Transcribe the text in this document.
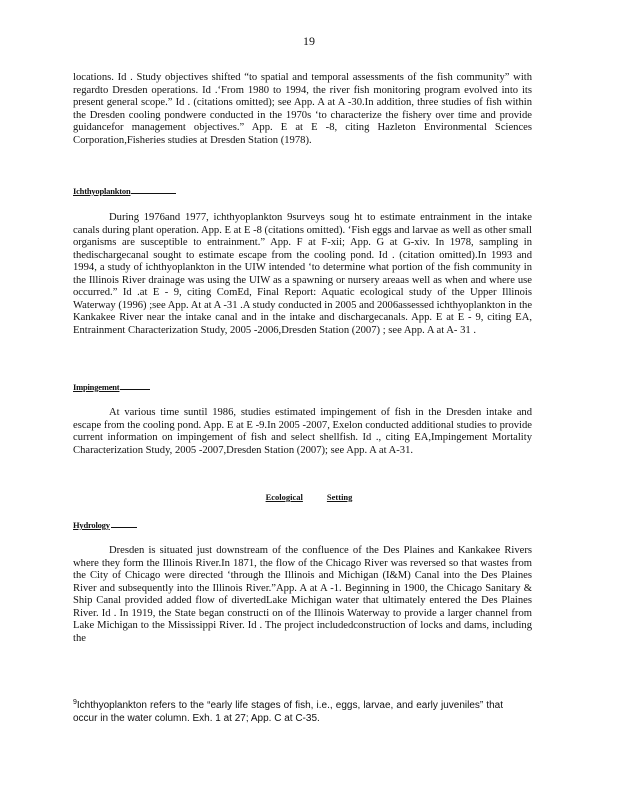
19

locations. Id . Study objectives shifted “to spatial and temporal assessments of the fish community” with regardto Dresden operations. Id .‘From 1980 to 1994, the river fish monitoring program evolved into its present general scope.” Id . (citations omitted); see App. A at A -30.In addition, three studies of fish within the Dresden cooling pondwere conducted in the 1970s ‘to characterize the fishery over time and provide guidancefor management objectives.” App. E at E -8, citing Hazleton Environmental Sciences Corporation,Fisheries studies at Dresden Station (1978).

Ichthyoplankton

During 1976and 1977, ichthyoplankton 9surveys soug ht to estimate entrainment in the intake canals during plant operation. App. E at E -8 (citations omitted). ‘Fish eggs and larvae as well as other small organisms are susceptible to entrainment.” App. F at F-xii; App. G at G-xiv. In 1978, sampling in thedischargecanal sought to estimate escape from the cooling pond. Id . (citation omitted).In 1993 and 1994, a study of ichthyoplankton in the UIW intended ‘to determine what portion of the fish community in the Illinois River drainage was using the UIW as a spawning or nursery areaas well as when and where use occurred.” Id .at E - 9, citing ComEd, Final Report: Aquatic ecological study of the Upper Illinois Waterway (1996) ;see App. At at A -31 .A study conducted in 2005 and 2006assessed ichthyoplankton in the Kankakee River near the intake canal and in the intake and dischargecanals. App. E at E - 9, citing EA, Entrainment Characterization Study, 2005 -2006,Dresden Station (2007) ; see App. A at A- 31 .

Impingement

At various time suntil 1986, studies estimated impingement of fish in the Dresden intake and escape from the cooling pond. App. E at E -9.In 2005 -2007, Exelon conducted additional studies to provide current information on impingement of fish and select shellfish. Id ., citing EA,Impingement Mortality Characterization Study, 2005 -2007,Dresden Station (2007); see App. A at A-31.

Ecological	Setting
Hydrology

Dresden is situated just downstream of the confluence of the Des Plaines and Kankakee Rivers where they form the Illinois River.In 1871, the flow of the Chicago River was reversed so that wastes from the City of Chicago were directed ‘through the Illinois and Michigan (I&M) Canal into the Des Plaines River and subsequently into the Illinois River.”App. A at A -1. Beginning in 1900, the Chicago Sanitary & Ship Canal provided added flow of divertedLake Michigan water that ultimately entered the Des Plaines River. Id . In 1919, the State began constructi on of the Illinois Waterway to provide a larger channel from Lake Michigan to the Mississippi River. Id . The project includedconstruction of locks and dams, including the

$^9$Ichthyoplankton refers to the “early life stages of fish, i.e., eggs, larvae, and early juveniles” that occur in the water column. Exh. 1 at 27; App. C at C-35.
